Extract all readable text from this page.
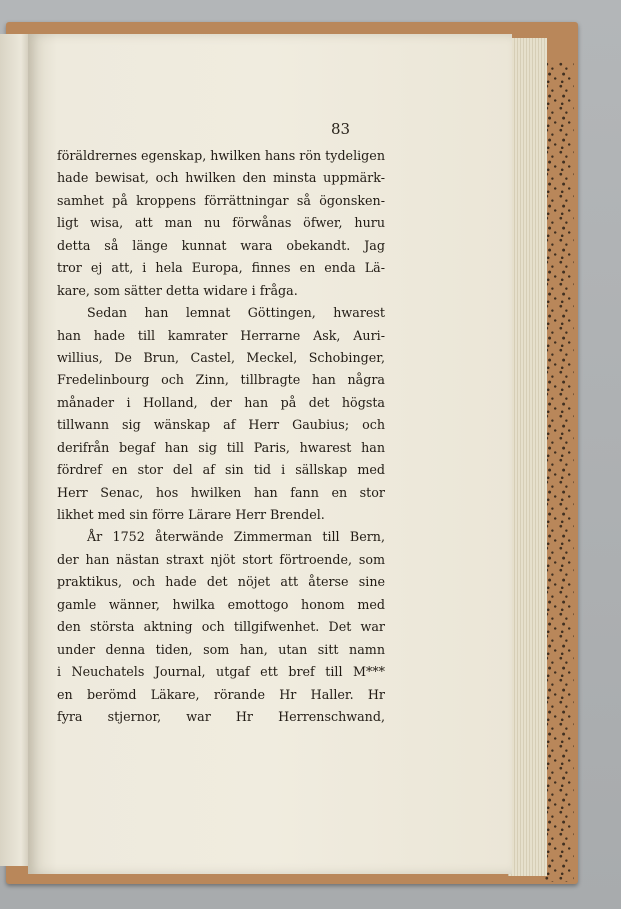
83
föräldrernes egenskap, hwilken hans rön tydeligen
hade bewisat, och hwilken den minsta uppmärk-
samhet på kroppens förrättningar så ögonsken-
ligt wisa, att man nu förwånas öfwer, huru
detta så länge kunnat wara obekandt. Jag
tror ej att, i hela Europa, finnes en enda Lä-
kare, som sätter detta widare i fråga.
Sedan han lemnat Göttingen, hwarest
han hade till kamrater Herrarne Ask, Auri-
willius, De Brun, Castel, Meckel, Schobinger,
Fredelinbourg och Zinn, tillbragte han några
månader i Holland, der han på det högsta
tillwann sig wänskap af Herr Gaubius; och
derifrån begaf han sig till Paris, hwarest han
fördref en stor del af sin tid i sällskap med
Herr Senac, hos hwilken han fann en stor
likhet med sin förre Lärare Herr Brendel.
År 1752 återwände Zimmerman till Bern,
der han nästan straxt njöt stort förtroende, som
praktikus, och hade det nöjet att återse sine
gamle wänner, hwilka emottogo honom med
den största aktning och tillgifwenhet. Det war
under denna tiden, som han, utan sitt namn
i Neuchatels Journal, utgaf ett bref till M***
en berömd Läkare, rörande Hr Haller. Hr
fyra stjernor, war Hr Herrenschwand,
